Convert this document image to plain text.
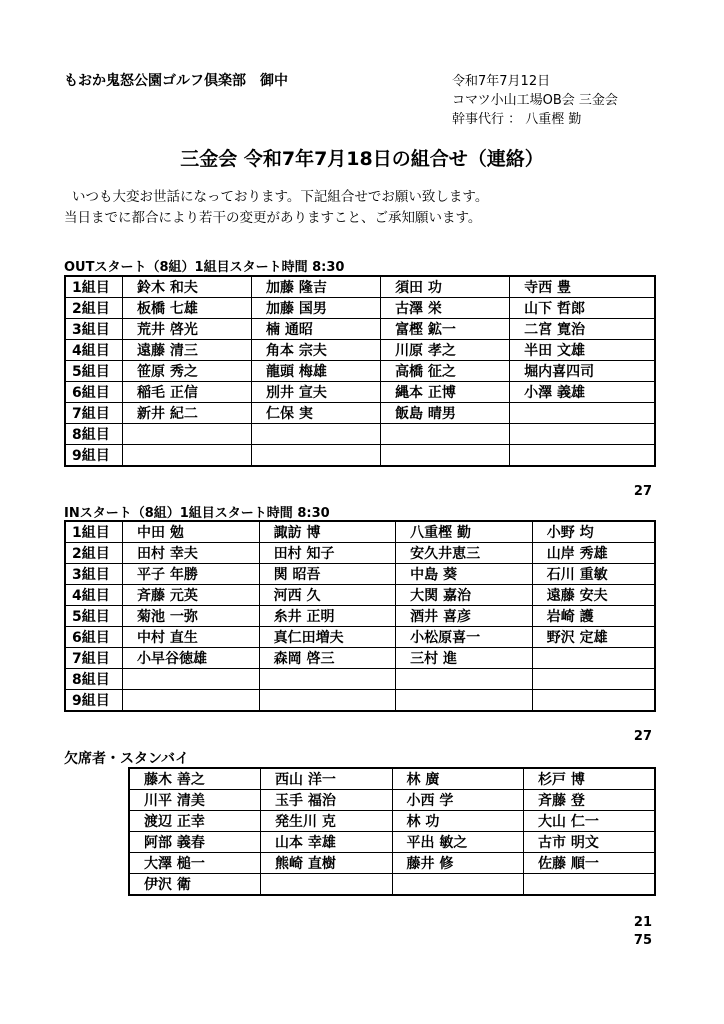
もおか鬼怒公園ゴルフ倶楽部　御中	令和7年7月12日
コマツ小山工場OB会 三金会
幹事代行 ： 八重樫 勤
三金会 令和7年7月18日の組合せ（連絡）
いつも大変お世話になっております。下記組合せでお願い致します。
当日までに都合により若干の変更がありますこと、ご承知願います。
OUTスタート（8組）1組目スタート時間 8:30
1組目	鈴木 和夫	加藤 隆吉	須田 功	寺西 豊
2組目	板橋 七雄	加藤 国男	古澤 栄	山下 哲郎
3組目	荒井 啓光	楠 通昭	富樫 鉱一	二宮 寛治
4組目	遠藤 清三	角本 宗夫	川原 孝之	半田 文雄
5組目	笹原 秀之	龍頭 梅雄	高橋 征之	堀内喜四司
6組目	稲毛 正信	別井 宣夫	縄本 正博	小澤 義雄
7組目	新井 紀二	仁保 実	飯島 晴男	
8組目				
9組目				
27
INスタート（8組）1組目スタート時間 8:30
1組目	中田 勉	諏訪 博	八重樫 勤	小野 均
2組目	田村 幸夫	田村 知子	安久井恵三	山岸 秀雄
3組目	平子 年勝	関 昭吾	中島 葵	石川 重敏
4組目	斉藤 元英	河西 久	大関 嘉治	遠藤 安夫
5組目	菊池 一弥	糸井 正明	酒井 喜彦	岩崎 護
6組目	中村 直生	真仁田増夫	小松原喜一	野沢 定雄
7組目	小早谷徳雄	森岡 啓三	三村 進	
8組目				
9組目				
27
欠席者・スタンバイ
藤木 善之	西山 洋一	林 廣	杉戸 博
川平 清美	玉手 福治	小西 学	斉藤 登
渡辺 正幸	発生川 克	林 功	大山 仁一
阿部 義春	山本 幸雄	平出 敏之	古市 明文
大澤 槌一	熊崎 直樹	藤井 修	佐藤 順一
伊沢 衛			
21
75
